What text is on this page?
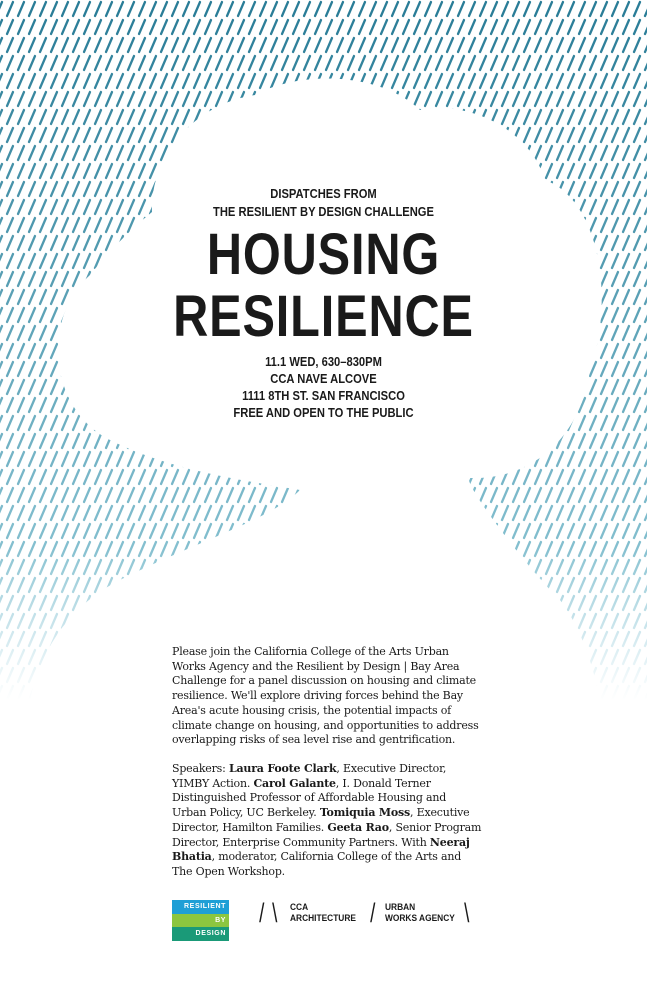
DISPATCHES FROM
THE RESILIENT BY DESIGN CHALLENGE
HOUSING
RESILIENCE
11.1 WED, 630–830PM
CCA NAVE ALCOVE
1111 8TH ST. SAN FRANCISCO
FREE AND OPEN TO THE PUBLIC
Please join the California College of the Arts Urban Works Agency and the Resilient by Design | Bay Area Challenge for a panel discussion on housing and climate resilience. We'll explore driving forces behind the Bay Area's acute housing crisis, the potential impacts of climate change on housing, and opportunities to address overlapping risks of sea level rise and gentrification.
Speakers: Laura Foote Clark, Executive Director, YIMBY Action. Carol Galante, I. Donald Terner Distinguished Professor of Affordable Housing and Urban Policy, UC Berkeley. Tomiquia Moss, Executive Director, Hamilton Families. Geeta Rao, Senior Program Director, Enterprise Community Partners. With Neeraj Bhatia, moderator, California College of the Arts and The Open Workshop.
RESILIENT
BY
DESIGN
/ / CCA
ARCHITECTURE / URBAN
WORKS AGENCY /
